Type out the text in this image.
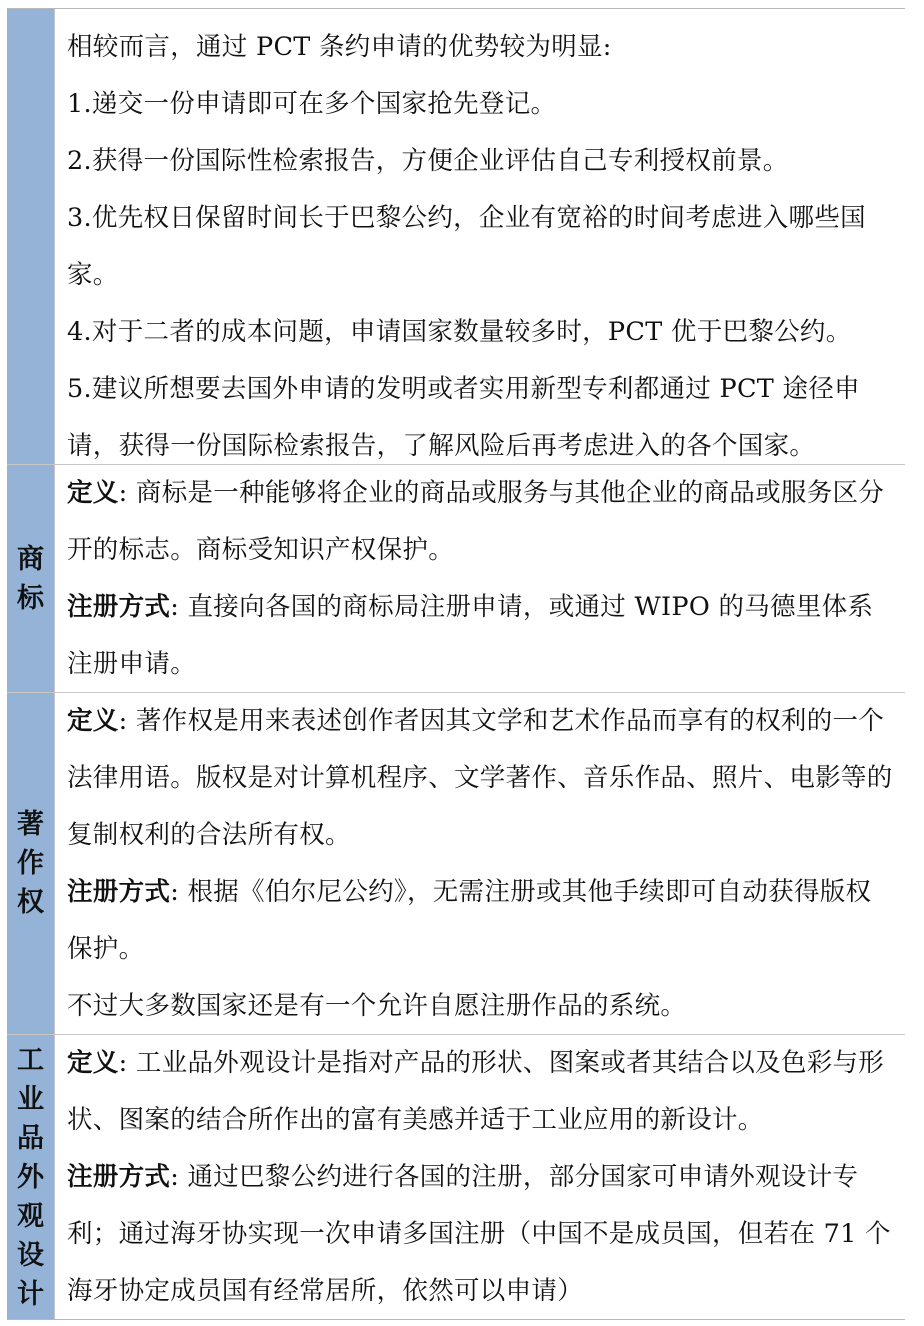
相较而言，通过 PCT 条约申请的优势较为明显:

1.递交一份申请即可在多个国家抢先登记。

2.获得一份国际性检索报告，方便企业评估自己专利授权前景。

3.优先权日保留时间长于巴黎公约，企业有宽裕的时间考虑进入哪些国家。

4.对于二者的成本问题，申请国家数量较多时，PCT 优于巴黎公约。

5.建议所想要去国外申请的发明或者实用新型专利都通过 PCT 途径申请，获得一份国际检索报告，了解风险后再考虑进入的各个国家。

商
标

定义: 商标是一种能够将企业的商品或服务与其他企业的商品或服务区分开的标志。商标受知识产权保护。

注册方式: 直接向各国的商标局注册申请，或通过 WIPO 的马德里体系注册申请。

著
作
权

定义: 著作权是用来表述创作者因其文学和艺术作品而享有的权利的一个法律用语。版权是对计算机程序、文学著作、音乐作品、照片、电影等的复制权利的合法所有权。

注册方式: 根据《伯尔尼公约》，无需注册或其他手续即可自动获得版权保护。

不过大多数国家还是有一个允许自愿注册作品的系统。

工
业
品
外
观
设
计

定义: 工业品外观设计是指对产品的形状、图案或者其结合以及色彩与形状、图案的结合所作出的富有美感并适于工业应用的新设计。

注册方式: 通过巴黎公约进行各国的注册，部分国家可申请外观设计专利；通过海牙协实现一次申请多国注册（中国不是成员国，但若在 71 个海牙协定成员国有经常居所，依然可以申请）
